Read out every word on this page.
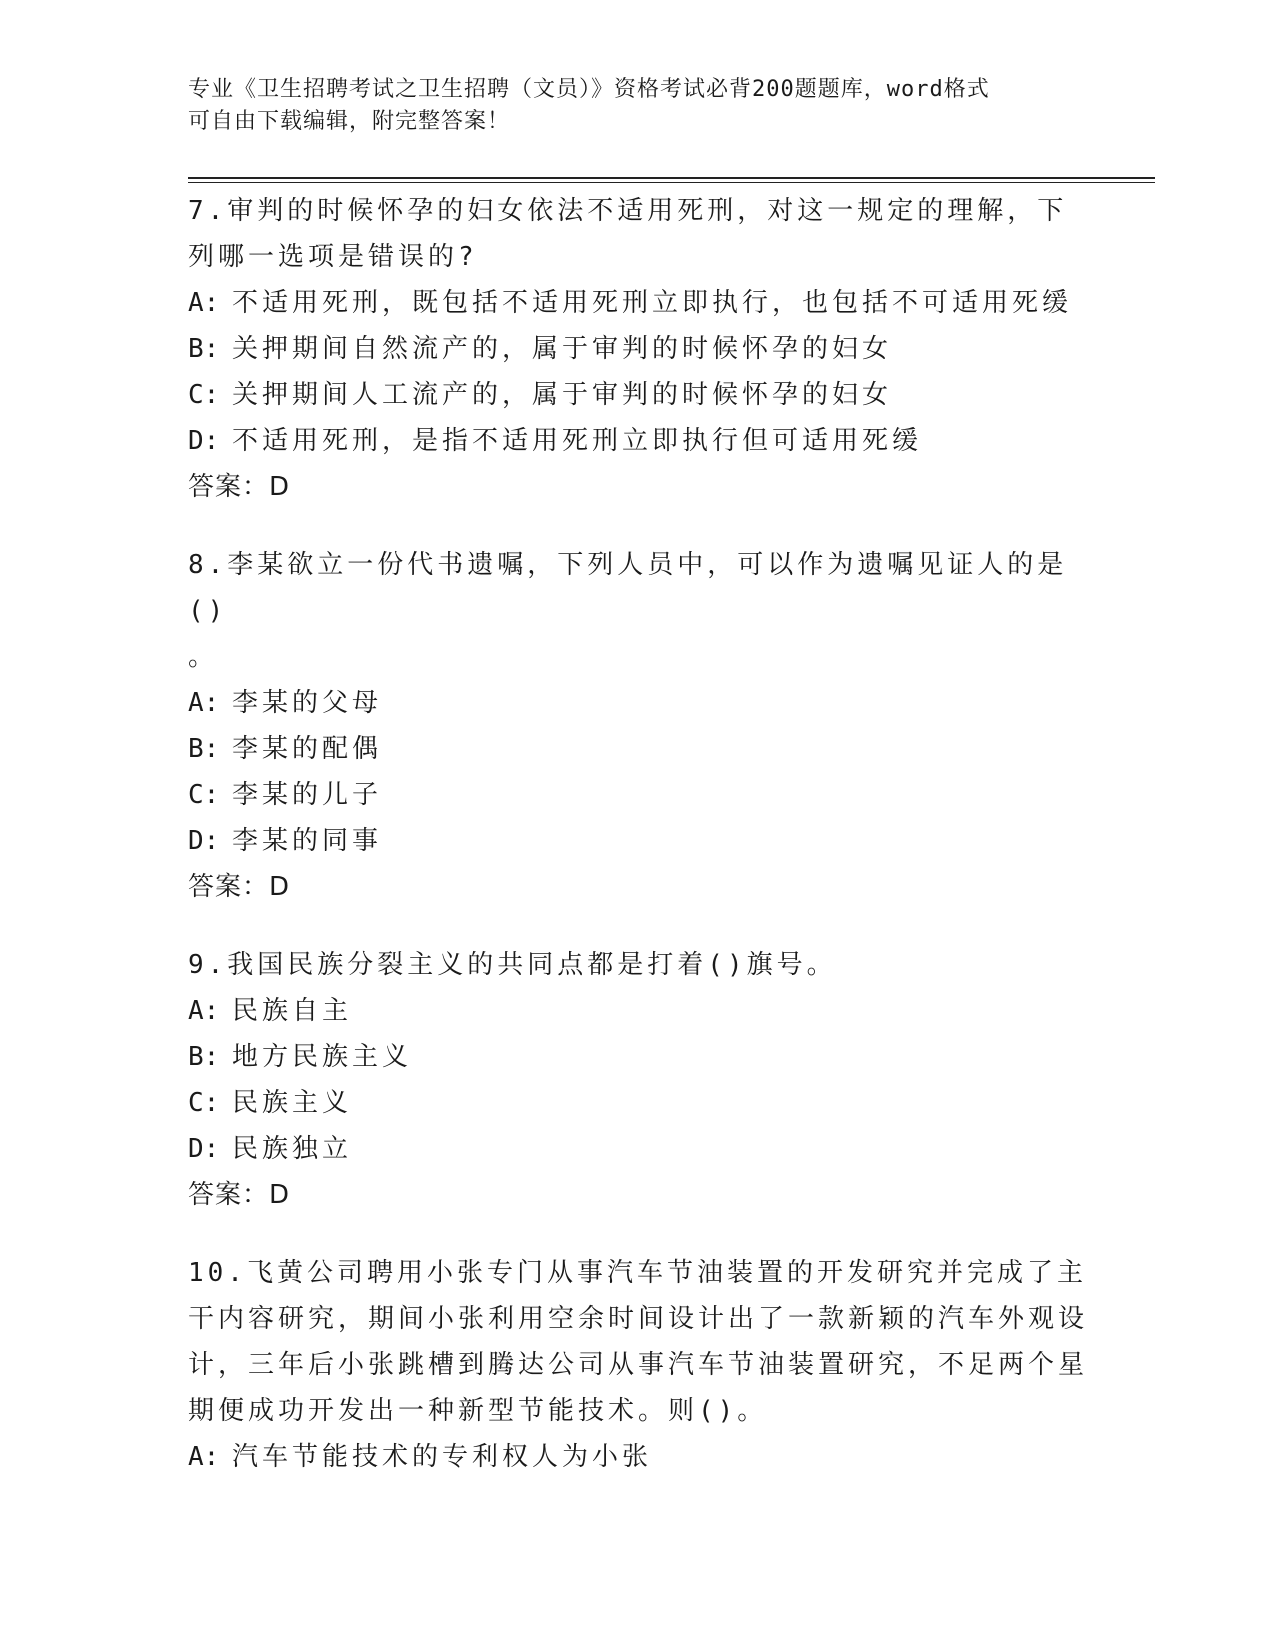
专业《卫生招聘考试之卫生招聘（文员）》资格考试必背200题题库，word格式
可自由下载编辑，附完整答案！
7.审判的时候怀孕的妇女依法不适用死刑，对这一规定的理解，下列哪一选项是错误的?
A: 不适用死刑，既包括不适用死刑立即执行，也包括不可适用死缓
B: 关押期间自然流产的，属于审判的时候怀孕的妇女
C: 关押期间人工流产的，属于审判的时候怀孕的妇女
D: 不适用死刑，是指不适用死刑立即执行但可适用死缓
答案：D
8.李某欲立一份代书遗嘱，下列人员中，可以作为遗嘱见证人的是()
。
A: 李某的父母
B: 李某的配偶
C: 李某的儿子
D: 李某的同事
答案：D
9.我国民族分裂主义的共同点都是打着()旗号。
A: 民族自主
B: 地方民族主义
C: 民族主义
D: 民族独立
答案：D
10.飞黄公司聘用小张专门从事汽车节油装置的开发研究并完成了主干内容研究，期间小张利用空余时间设计出了一款新颖的汽车外观设计，三年后小张跳槽到腾达公司从事汽车节油装置研究，不足两个星期便成功开发出一种新型节能技术。则()。
A: 汽车节能技术的专利权人为小张
